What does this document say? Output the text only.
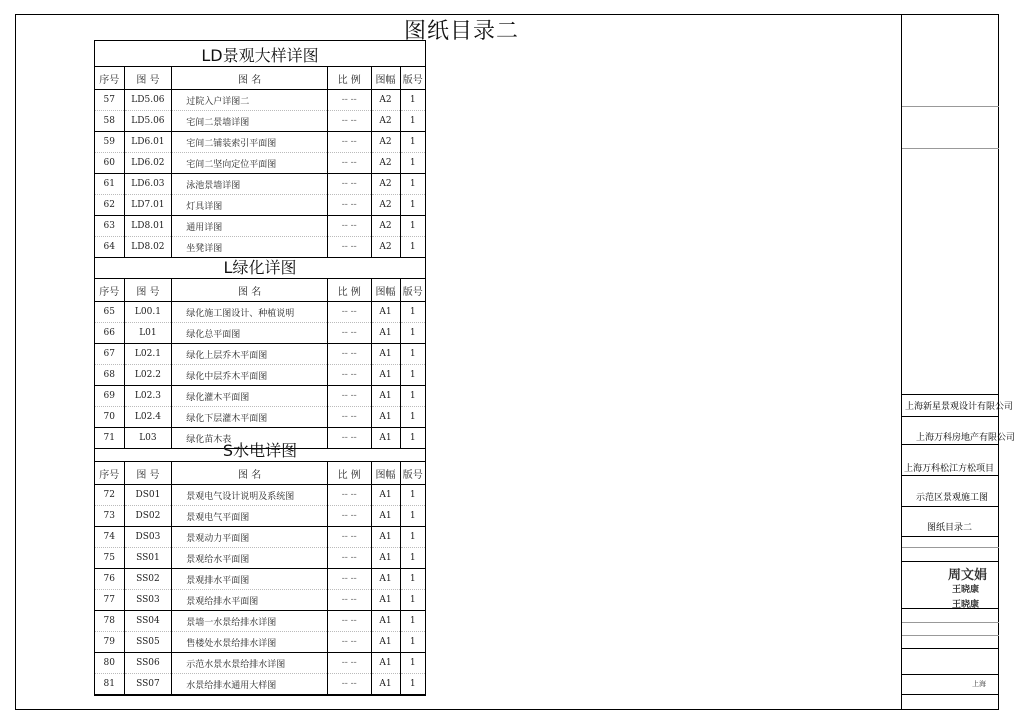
图纸目录二
LD景观大样详图
序号	图 号	图 名	比 例	图幅	版号
57	LD5.06	过院入户详图二	-- --	A2	1
58	LD5.06	宅间二景墙详图	-- --	A2	1
59	LD6.01	宅间二铺装索引平面图	-- --	A2	1
60	LD6.02	宅间二坚向定位平面图	-- --	A2	1
61	LD6.03	泳池景墙详图	-- --	A2	1
62	LD7.01	灯具详图	-- --	A2	1
63	LD8.01	通用详图	-- --	A2	1
64	LD8.02	坐凳详图	-- --	A2	1
L绿化详图
序号	图 号	图 名	比 例	图幅	版号
65	L00.1	绿化施工图设计、种植说明	-- --	A1	1
66	L01	绿化总平面图	-- --	A1	1
67	L02.1	绿化上层乔木平面图	-- --	A1	1
68	L02.2	绿化中层乔木平面图	-- --	A1	1
69	L02.3	绿化灌木平面图	-- --	A1	1
70	L02.4	绿化下层灌木平面图	-- --	A1	1
71	L03	绿化苗木表	-- --	A1	1
S水电详图
序号	图 号	图 名	比 例	图幅	版号
72	DS01	景观电气设计说明及系统图	-- --	A1	1
73	DS02	景观电气平面图	-- --	A1	1
74	DS03	景观动力平面图	-- --	A1	1
75	SS01	景观给水平面图	-- --	A1	1
76	SS02	景观排水平面图	-- --	A1	1
77	SS03	景观给排水平面图	-- --	A1	1
78	SS04	景墙一水景给排水详图	-- --	A1	1
79	SS05	售楼处水景给排水详图	-- --	A1	1
80	SS06	示范水景水景给排水详图	-- --	A1	1
81	SS07	水景给排水通用大样图	-- --	A1	1
上海新星景观设计有限公司
上海万科房地产有限公司
上海万科松江方松项目
示范区景观施工图
图纸目录二
周文娟
王晓康
王晓康
上海
